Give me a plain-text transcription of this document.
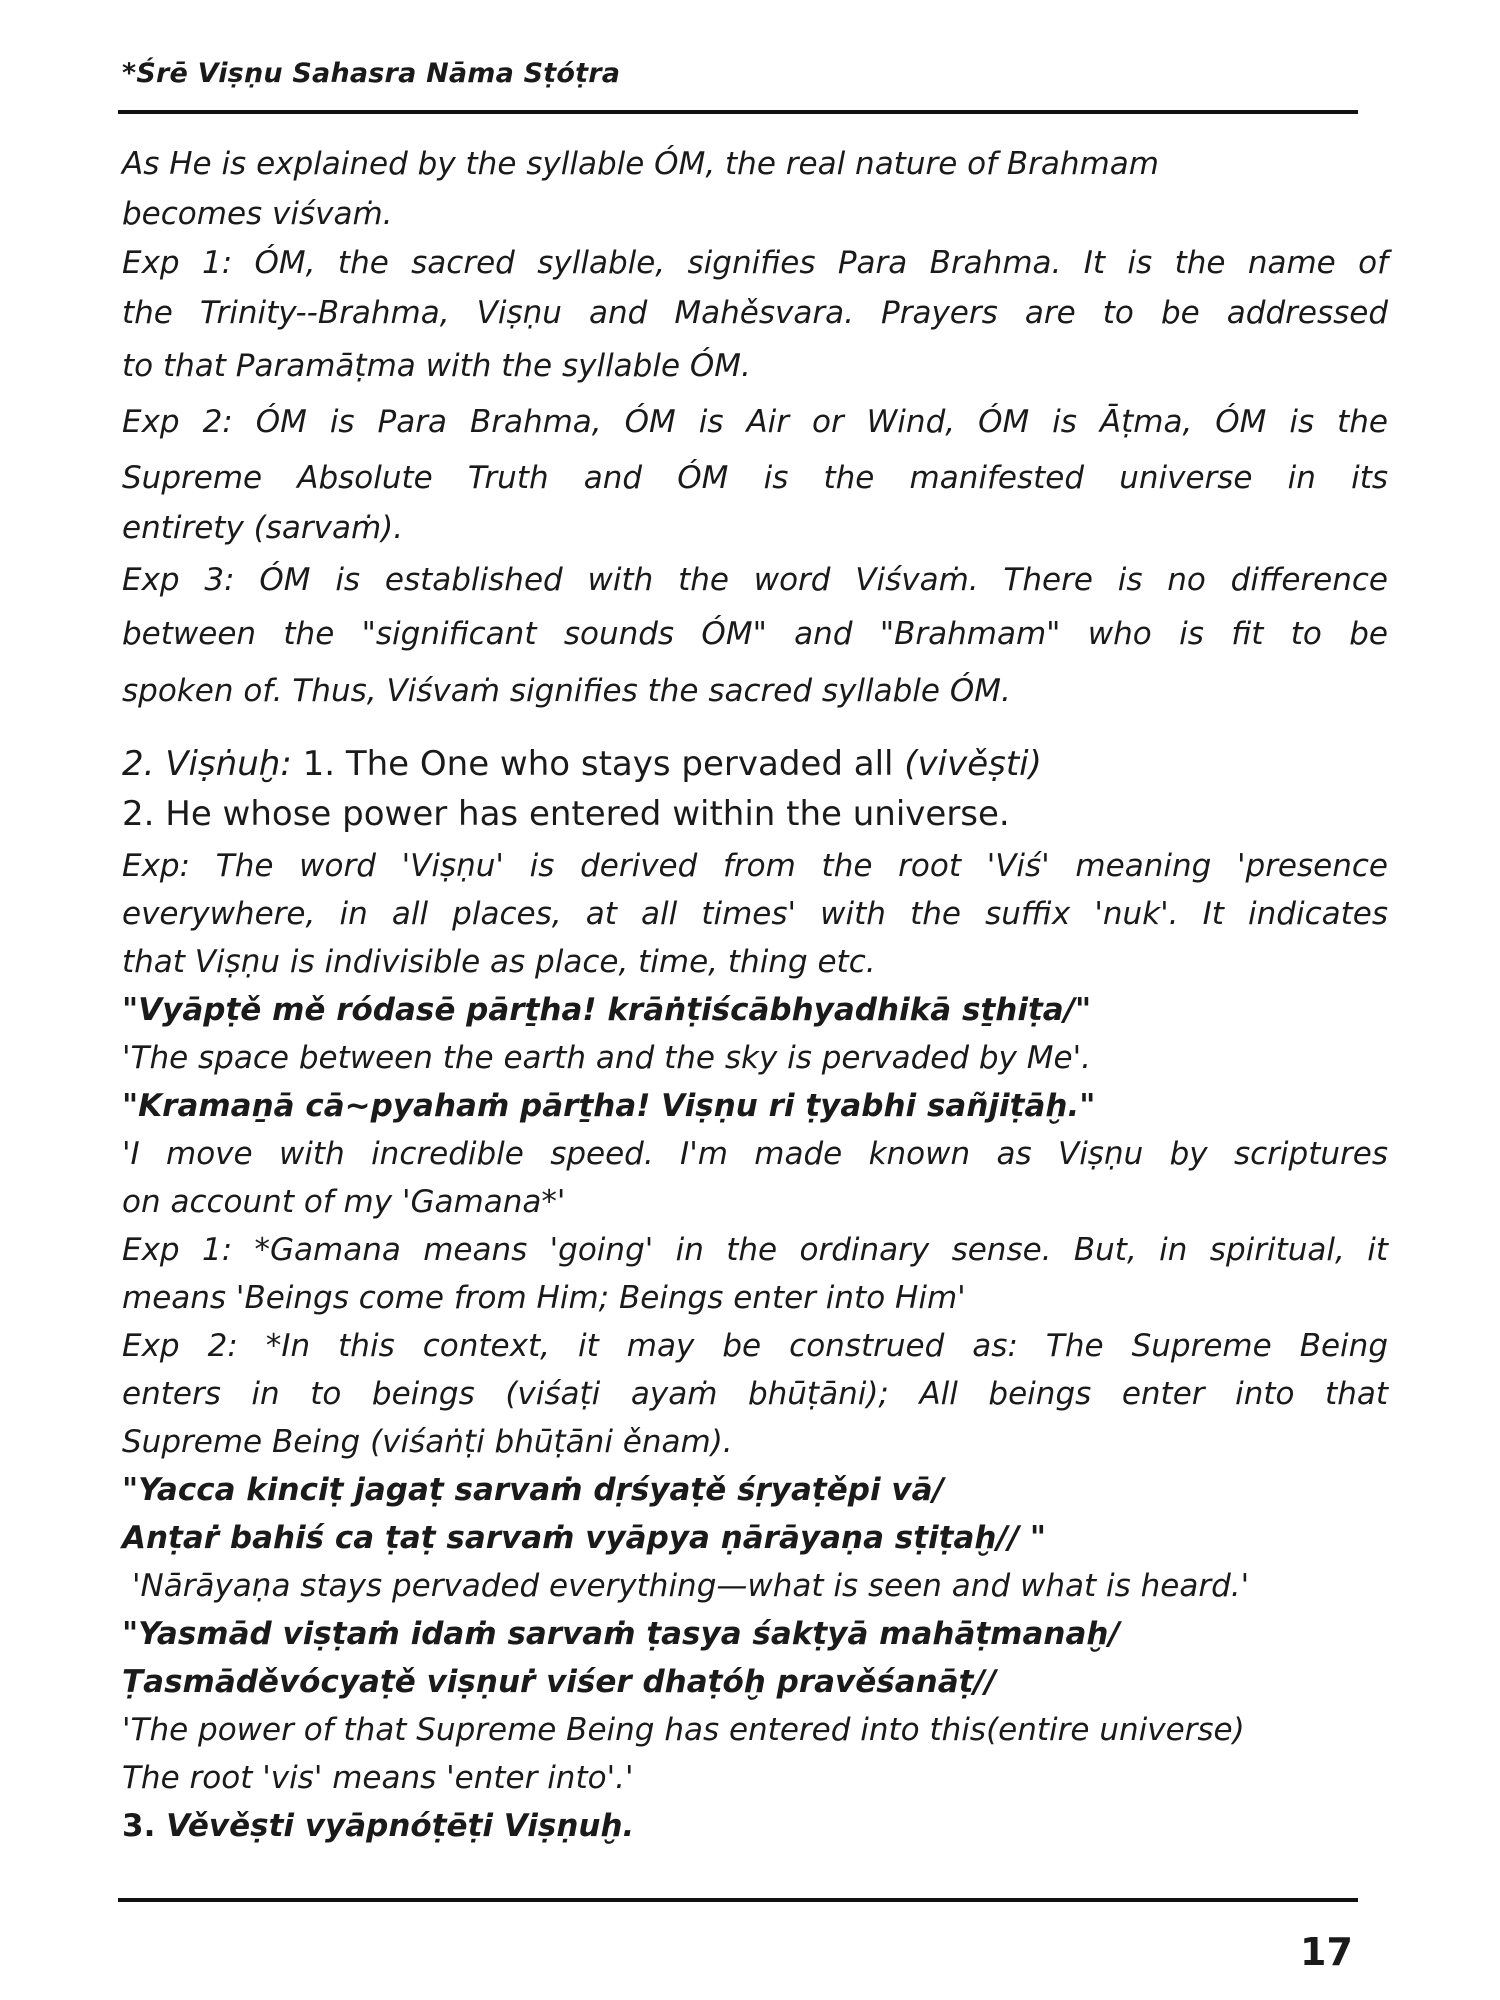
*Śrē Viṣṇu Sahasra Nāma Sṭóṭra
As He is explained by the syllable ÓM, the real nature of Brahmam
becomes viśvaṁ.
Exp 1: ÓM, the sacred syllable, signifies Para Brahma. It is the name of
the Trinity--Brahma, Viṣṇu and Mahěsvara. Prayers are to be addressed
to that Paramāṭma with the syllable ÓM.
Exp 2: ÓM is Para Brahma, ÓM is Air or Wind, ÓM is Āṭma, ÓM is the
Supreme Absolute Truth and ÓM is the manifested universe in its
entirety (sarvaṁ).
Exp 3: ÓM is established with the word Viśvaṁ. There is no difference
between the "significant sounds ÓM" and "Brahmam" who is fit to be
spoken of. Thus, Viśvaṁ signifies the sacred syllable ÓM.
2. Viṣṅuḫ: 1. The One who stays pervaded all (vivěṣti)
2. He whose power has entered within the universe.
Exp: The word 'Viṣṇu' is derived from the root 'Viś' meaning 'presence
everywhere, in all places, at all times' with the suffix 'nuk'. It indicates
that Viṣṇu is indivisible as place, time, thing etc.
"Vyāpṭě mě ródasē pārṯha! krāṅṭiścābhyadhikā sṯhiṭa/"
'The space between the earth and the sky is pervaded by Me'.
"Kramaṉā cā~pyahaṁ pārṯha! Viṣṇu ri ṭyabhi sañjiṭāḫ."
'I move with incredible speed. I'm made known as Viṣṇu by scriptures
on account of my 'Gamana*'
Exp 1: *Gamana means 'going' in the ordinary sense. But, in spiritual, it
means 'Beings come from Him; Beings enter into Him'
Exp 2: *In this context, it may be construed as: The Supreme Being
enters in to beings (viśaṭi ayaṁ bhūṭāni); All beings enter into that
Supreme Being (viśaṅṭi bhūṭāni ěnam).
"Yacca kinciṭ jagaṭ sarvaṁ dṛśyaṭě śṛyaṭěpi vā/
Anṭaṙ bahiś ca ṭaṭ sarvaṁ vyāpya ṇārāyaṇa sṭiṭaḫ// "
'Nārāyaṇa stays pervaded everything—what is seen and what is heard.'
"Yasmād viṣṭaṁ idaṁ sarvaṁ ṭasya śakṭyā mahāṭmanaḫ/
Ṭasmāděvócyaṭě viṣṇuṙ viśer dhaṭóḫ pravěśanāṭ//
'The power of that Supreme Being has entered into this(entire universe)
The root 'vis' means 'enter into'.'
3. Věvěṣti vyāpnóṭēṭi Viṣṇuḫ.
17
